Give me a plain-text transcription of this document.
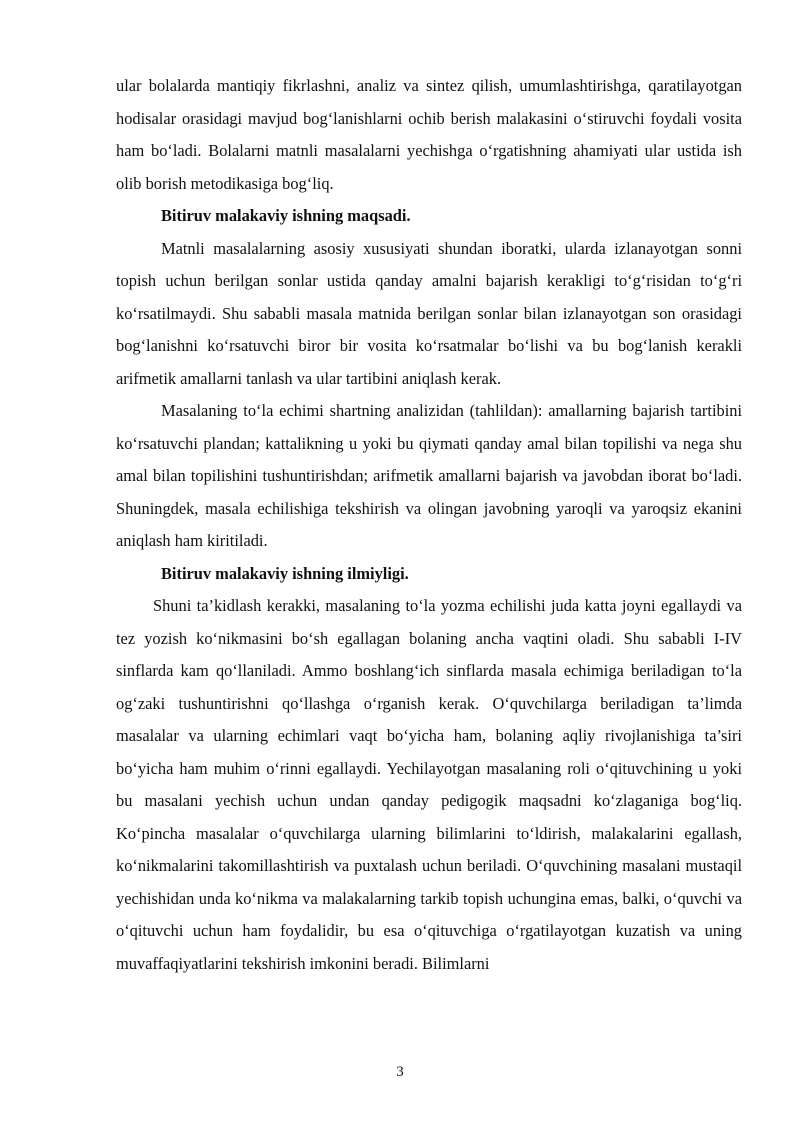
ular bolalarda mantiqiy fikrlashni, analiz va sintez qilish, umumlashtirishga, qaratilayotgan hodisalar orasidagi mavjud bog‘lanishlarni ochib berish malakasini o‘stiruvchi foydali vosita ham bo‘ladi. Bolalarni matnli masalalarni yechishga o‘rgatishning ahamiyati ular ustida ish olib borish metodikasiga bog‘liq.

Bitiruv malakaviy ishning maqsadi.

Matnli masalalarning asosiy xususiyati shundan iboratki, ularda izlanayotgan sonni topish uchun berilgan sonlar ustida qanday amalni bajarish kerakligi to‘g‘risidan to‘g‘ri ko‘rsatilmaydi. Shu sababli masala matnida berilgan sonlar bilan izlanayotgan son orasidagi bog‘lanishni ko‘rsatuvchi biror bir vosita ko‘rsatmalar bo‘lishi va bu bog‘lanish kerakli arifmetik amallarni tanlash va ular tartibini aniqlash kerak.

Masalaning to‘la echimi shartning analizidan (tahlildan): amallarning bajarish tartibini ko‘rsatuvchi plandan; kattalikning u yoki bu qiymati qanday amal bilan topilishi va nega shu amal bilan topilishini tushuntirishdan; arifmetik amallarni bajarish va javobdan iborat bo‘ladi. Shuningdek, masala echilishiga tekshirish va olingan javobning yaroqli va yaroqsiz ekanini aniqlash ham kiritiladi.

Bitiruv malakaviy ishning ilmiyligi.

Shuni ta’kidlash kerakki, masalaning to‘la yozma echilishi juda katta joyni egallaydi va tez yozish ko‘nikmasini bo‘sh egallagan bolaning ancha vaqtini oladi. Shu sababli I-IV sinflarda kam qo‘llaniladi. Ammo boshlang‘ich sinflarda masala echimiga beriladigan to‘la og‘zaki tushuntirishni qo‘llashga o‘rganish kerak. O‘quvchilarga beriladigan ta’limda masalalar va ularning echimlari vaqt bo‘yicha ham, bolaning aqliy rivojlanishiga ta’siri bo‘yicha ham muhim o‘rinni egallaydi. Yechilayotgan masalaning roli o‘qituvchining u yoki bu masalani yechish uchun undan qanday pedigogik maqsadni ko‘zlaganiga bog‘liq. Ko‘pincha masalalar o‘quvchilarga ularning bilimlarini to‘ldirish, malakalarini egallash, ko‘nikmalarini takomillashtirish va puxtalash uchun beriladi. O‘quvchining masalani mustaqil yechishidan unda ko‘nikma va malakalarning tarkib topish uchungina emas, balki, o‘quvchi va o‘qituvchi uchun ham foydalidir, bu esa o‘qituvchiga o‘rgatilayotgan kuzatish va uning muvaffaqiyatlarini tekshirish imkonini beradi. Bilimlarni

3
